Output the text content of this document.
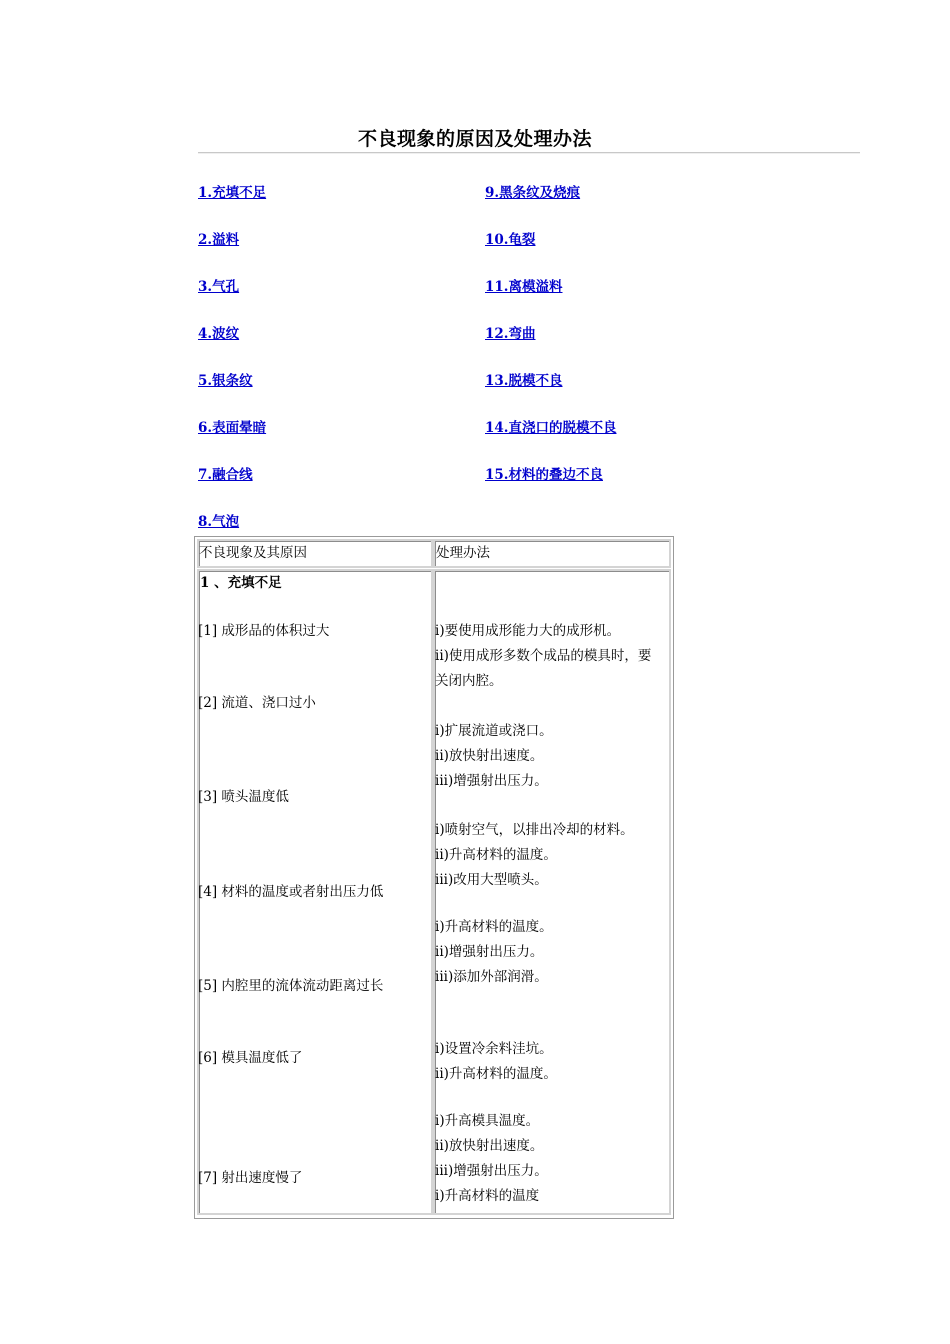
不良现象的原因及处理办法
1.充填不足
2.溢料
3.气孔
4.波纹
5.银条纹
6.表面晕暗
7.融合线
8.气泡
9.黑条纹及烧痕
10.龟裂
11.离模溢料
12.弯曲
13.脱模不良
14.直浇口的脱模不良
15.材料的叠边不良
不良现象及其原因	处理办法
1 、充填不足
[1] 成形品的体积过大
[2] 流道、浇口过小
[3] 喷头温度低
[4] 材料的温度或者射出压力低
[5] 内腔里的流体流动距离过长
[6] 模具温度低了
[7] 射出速度慢了
i)要使用成形能力大的成形机。
ii)使用成形多数个成品的模具时，要
关闭内腔。
i)扩展流道或浇口。
ii)放快射出速度。
iii)增强射出压力。
i)喷射空气，以排出冷却的材料。
ii)升高材料的温度。
iii)改用大型喷头。
i)升高材料的温度。
ii)增强射出压力。
iii)添加外部润滑。
i)设置冷余料洼坑。
ii)升高材料的温度。
i)升高模具温度。
ii)放快射出速度。
iii)增强射出压力。
i)升高材料的温度
